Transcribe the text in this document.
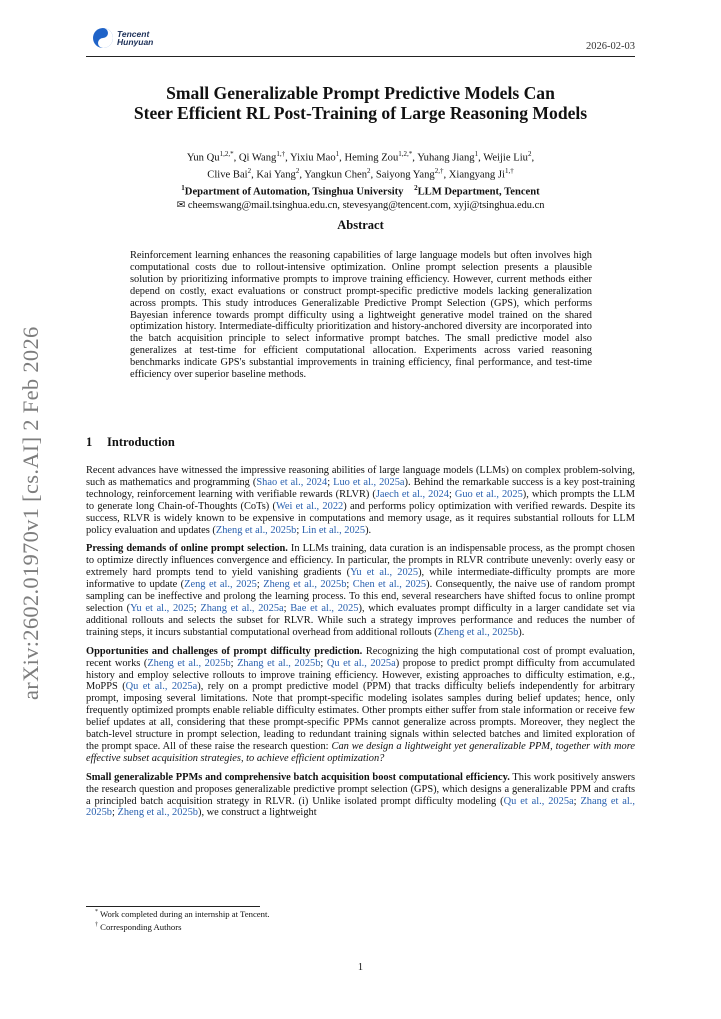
Tencent
Hunyuan	2026-02-03
arXiv:2602.01970v1 [cs.AI] 2 Feb 2026
Small Generalizable Prompt Predictive Models Can
Steer Efficient RL Post-Training of Large Reasoning Models
Yun $Qu^{1,2,*}$, Qi Wang$^{1,\dagger}$, Yixiu Mao$^1$, Heming Zou$^{1,2,*}$, Yuhang Jiang$^1$, Weijie Liu$^2$,
Clive Bai$^2$, Kai Yang$^2$, Yangkun Chen$^2$, Saiyong Yang$^{2,\dagger}$, Xiangyang $Ji^{1,\dagger}$
$^1$Department of Automation, Tsinghua University $^2$LLM Department, Tencent
✉ cheemswang@mail.tsinghua.edu.cn, stevesyang@tencent.com, xyji@tsinghua.edu.cn
Abstract
Reinforcement learning enhances the reasoning capabilities of large language models but often involves high computational costs due to rollout-intensive optimization. Online prompt selection presents a plausible solution by prioritizing informative prompts to improve training efficiency. However, current methods either depend on costly, exact evaluations or construct prompt-specific predictive models lacking generalization across prompts. This study introduces Generalizable Predictive Prompt Selection (GPS), which performs Bayesian inference towards prompt difficulty using a lightweight generative model trained on the shared optimization history. Intermediate-difficulty prioritization and history-anchored diversity are incorporated into the batch acquisition principle to select informative prompt batches. The small predictive model also generalizes at test-time for efficient computational allocation. Experiments across varied reasoning benchmarks indicate GPS's substantial improvements in training efficiency, final performance, and test-time efficiency over superior baseline methods.
1 Introduction

Recent advances have witnessed the impressive reasoning abilities of large language models (LLMs) on complex problem-solving, such as mathematics and programming (Shao et al., 2024; Luo et al., 2025a). Behind the remarkable success is a key post-training technology, reinforcement learning with verifiable rewards (RLVR) (Jaech et al., 2024; Guo et al., 2025), which prompts the LLM to generate long Chain-of-Thoughts (CoTs) (Wei et al., 2022) and performs policy optimization with verified rewards. Despite its success, RLVR is widely known to be expensive in computations and memory usage, as it requires substantial rollouts for LLM policy evaluation and updates (Zheng et al., 2025b; Lin et al., 2025).

Pressing demands of online prompt selection. In LLMs training, data curation is an indispensable process, as the prompt chosen to optimize directly influences convergence and efficiency. In particular, the prompts in RLVR contribute unevenly: overly easy or extremely hard prompts tend to yield vanishing gradients (Yu et al., 2025), while intermediate-difficulty prompts are more informative to update (Zeng et al., 2025; Zheng et al., 2025b; Chen et al., 2025). Consequently, the naive use of random prompt sampling can be ineffective and prolong the learning process. To this end, several researchers have shifted focus to online prompt selection (Yu et al., 2025; Zhang et al., 2025a; Bae et al., 2025), which evaluates prompt difficulty in a larger candidate set via additional rollouts and selects the subset for RLVR. While such a strategy improves performance and reduces the number of training steps, it incurs substantial computational overhead from additional rollouts (Zheng et al., 2025b).

Opportunities and challenges of prompt difficulty prediction. Recognizing the high computational cost of prompt evaluation, recent works (Zheng et al., 2025b; Zhang et al., 2025b; Qu et al., 2025a) propose to predict prompt difficulty from accumulated history and employ selective rollouts to improve training efficiency. However, existing approaches to difficulty estimation, e.g., MoPPS (Qu et al., 2025a), rely on a prompt predictive model (PPM) that tracks difficulty beliefs independently for arbitrary prompt, imposing several limitations. Note that prompt-specific modeling isolates samples during belief updates; hence, only frequently optimized prompts enable reliable difficulty estimates. Other prompts either suffer from stale information or receive few belief updates at all, considering that these prompt-specific PPMs cannot generalize across prompts. Moreover, they neglect the batch-level structure in prompt selection, leading to redundant training signals within selected batches and limited exploration of the prompt space. All of these raise the research question: Can we design a lightweight yet generalizable PPM, together with more effective subset acquisition strategies, to achieve efficient optimization?

Small generalizable PPMs and comprehensive batch acquisition boost computational efficiency. This work positively answers the research question and proposes generalizable predictive prompt selection (GPS), which designs a generalizable PPM and crafts a principled batch acquisition strategy in RLVR. (i) Unlike isolated prompt difficulty modeling (Qu et al., 2025a; Zhang et al., 2025b; Zheng et al., 2025b), we construct a lightweight

* Work completed during an internship at Tencent.
† Corresponding Authors
1
